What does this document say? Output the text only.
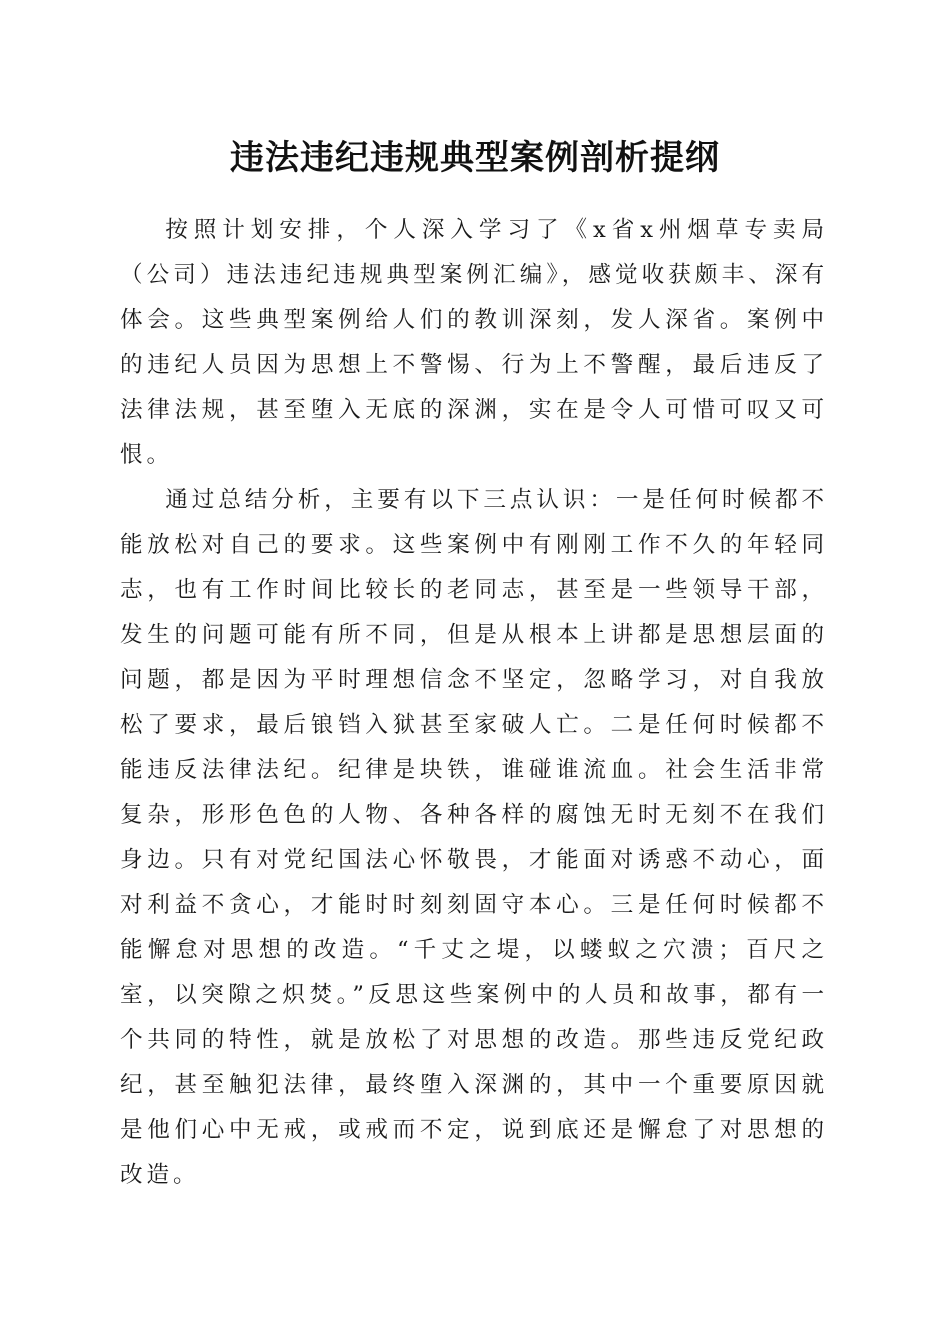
违法违纪违规典型案例剖析提纲

按照计划安排，个人深入学习了《x省x州烟草专卖局（公司）违法违纪违规典型案例汇编》，感觉收获颇丰、深有体会。这些典型案例给人们的教训深刻，发人深省。案例中的违纪人员因为思想上不警惕、行为上不警醒，最后违反了法律法规，甚至堕入无底的深渊，实在是令人可惜可叹又可恨。

通过总结分析，主要有以下三点认识：一是任何时候都不能放松对自己的要求。这些案例中有刚刚工作不久的年轻同志，也有工作时间比较长的老同志，甚至是一些领导干部，发生的问题可能有所不同，但是从根本上讲都是思想层面的问题，都是因为平时理想信念不坚定，忽略学习，对自我放松了要求，最后锒铛入狱甚至家破人亡。二是任何时候都不能违反法律法纪。纪律是块铁，谁碰谁流血。社会生活非常复杂，形形色色的人物、各种各样的腐蚀无时无刻不在我们身边。只有对党纪国法心怀敬畏，才能面对诱惑不动心，面对利益不贪心，才能时时刻刻固守本心。三是任何时候都不能懈怠对思想的改造。“千丈之堤，以蝼蚁之穴溃；百尺之室，以突隙之炽焚。”反思这些案例中的人员和故事，都有一个共同的特性，就是放松了对思想的改造。那些违反党纪政纪，甚至触犯法律，最终堕入深渊的，其中一个重要原因就是他们心中无戒，或戒而不定，说到底还是懈怠了对思想的改造。
